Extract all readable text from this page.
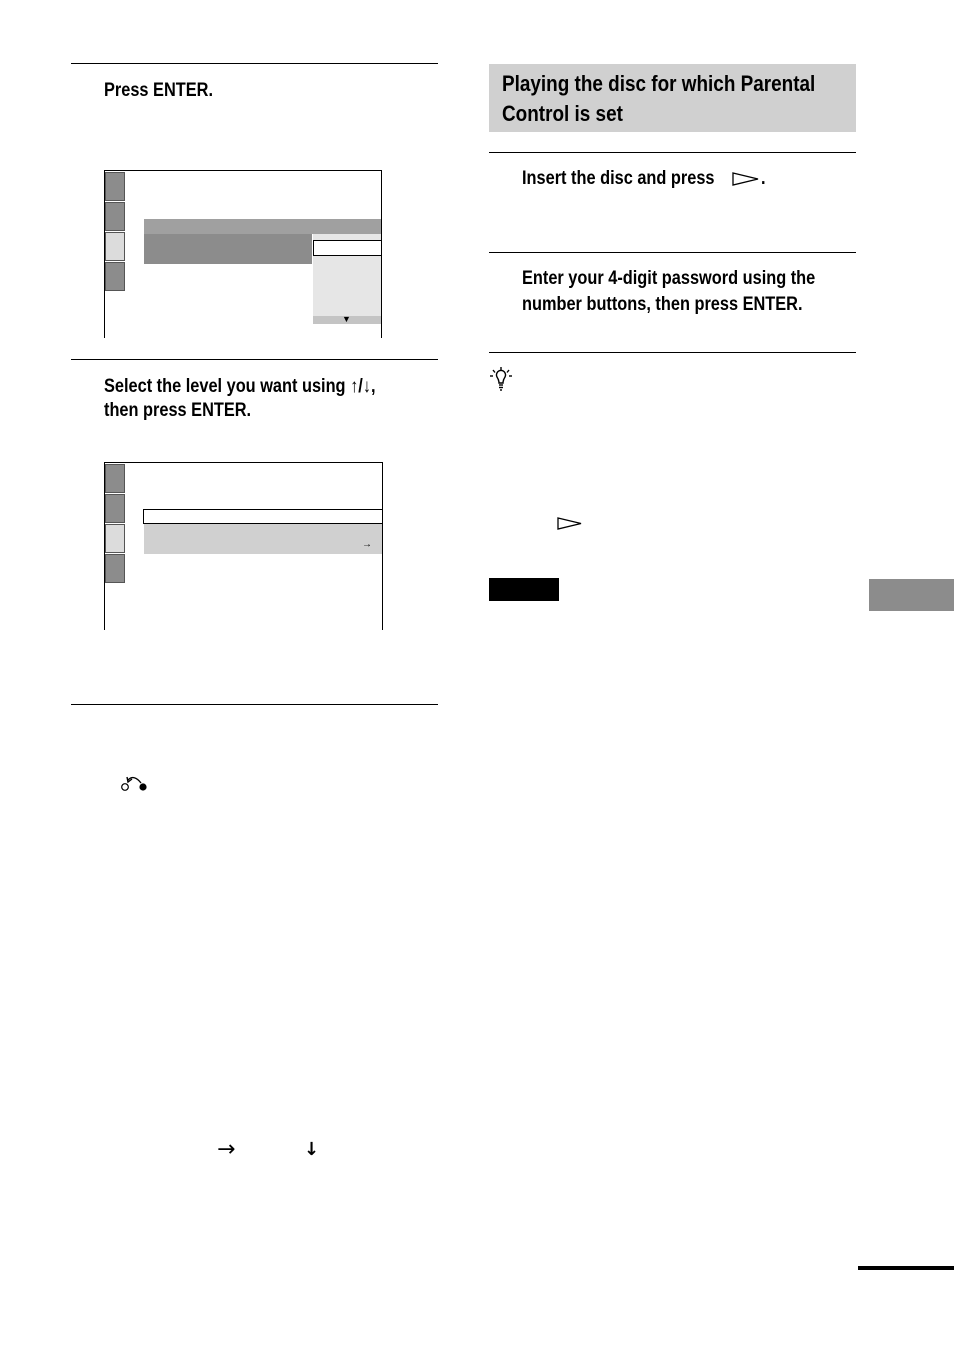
Press ENTER.
▼
Select the level you want using ↑/↓,
then press ENTER.
→
→	↓
Playing the disc for which Parental
Control is set
Insert the disc and press .
Enter your 4-digit password using the
number buttons, then press ENTER.
